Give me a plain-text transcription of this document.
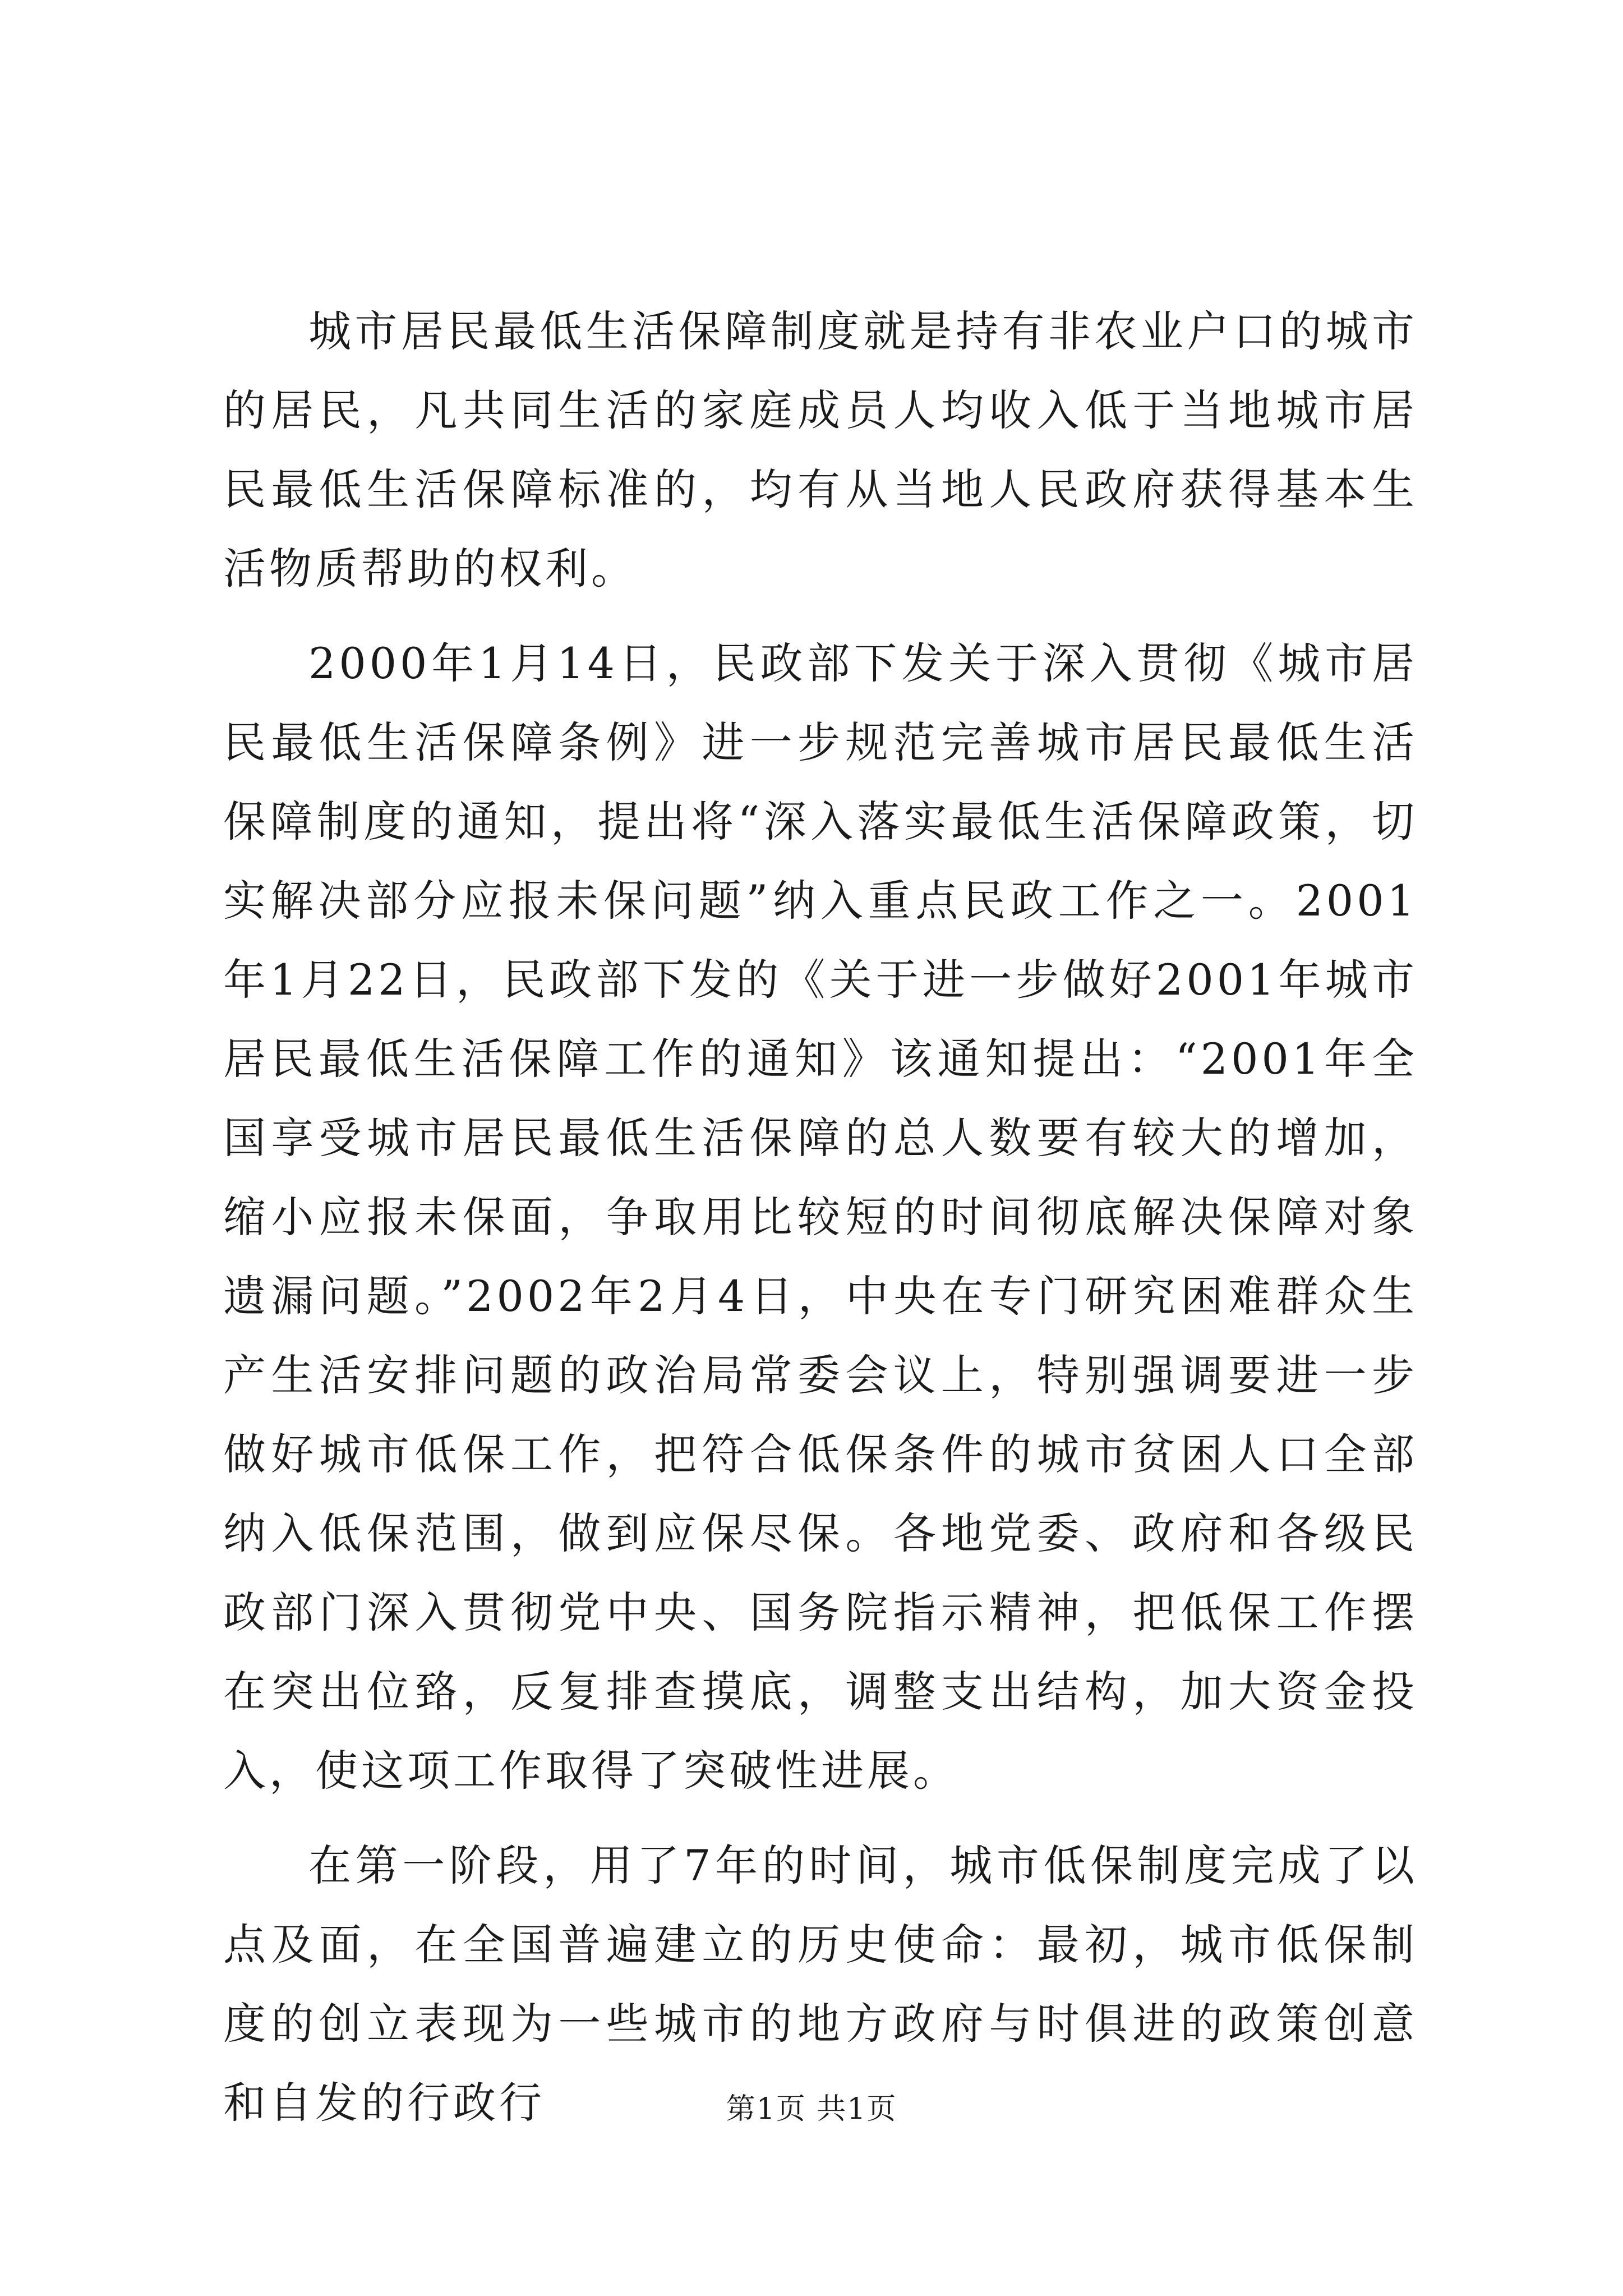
城市居民最低生活保障制度就是持有非农业户口的城市的居民，凡共同生活的家庭成员人均收入低于当地城市居民最低生活保障标准的，均有从当地人民政府获得基本生活物质帮助的权利。

2000年1月14日，民政部下发关于深入贯彻《城市居民最低生活保障条例》进一步规范完善城市居民最低生活保障制度的通知，提出将“深入落实最低生活保障政策，切实解决部分应报未保问题”纳入重点民政工作之一。2001年1月22日，民政部下发的《关于进一步做好2001年城市居民最低生活保障工作的通知》该通知提出：“2001年全国享受城市居民最低生活保障的总人数要有较大的增加，缩小应报未保面，争取用比较短的时间彻底解决保障对象遗漏问题。”2002年2月4日，中央在专门研究困难群众生产生活安排问题的政治局常委会议上，特别强调要进一步做好城市低保工作，把符合低保条件的城市贫困人口全部纳入低保范围，做到应保尽保。各地党委、政府和各级民政部门深入贯彻党中央、国务院指示精神，把低保工作摆在突出位臵，反复排查摸底，调整支出结构，加大资金投入，使这项工作取得了突破性进展。

在第一阶段，用了7年的时间，城市低保制度完成了以点及面，在全国普遍建立的历史使命：最初，城市低保制度的创立表现为一些城市的地方政府与时俱进的政策创意和自发的行政行	第1页 共1页
